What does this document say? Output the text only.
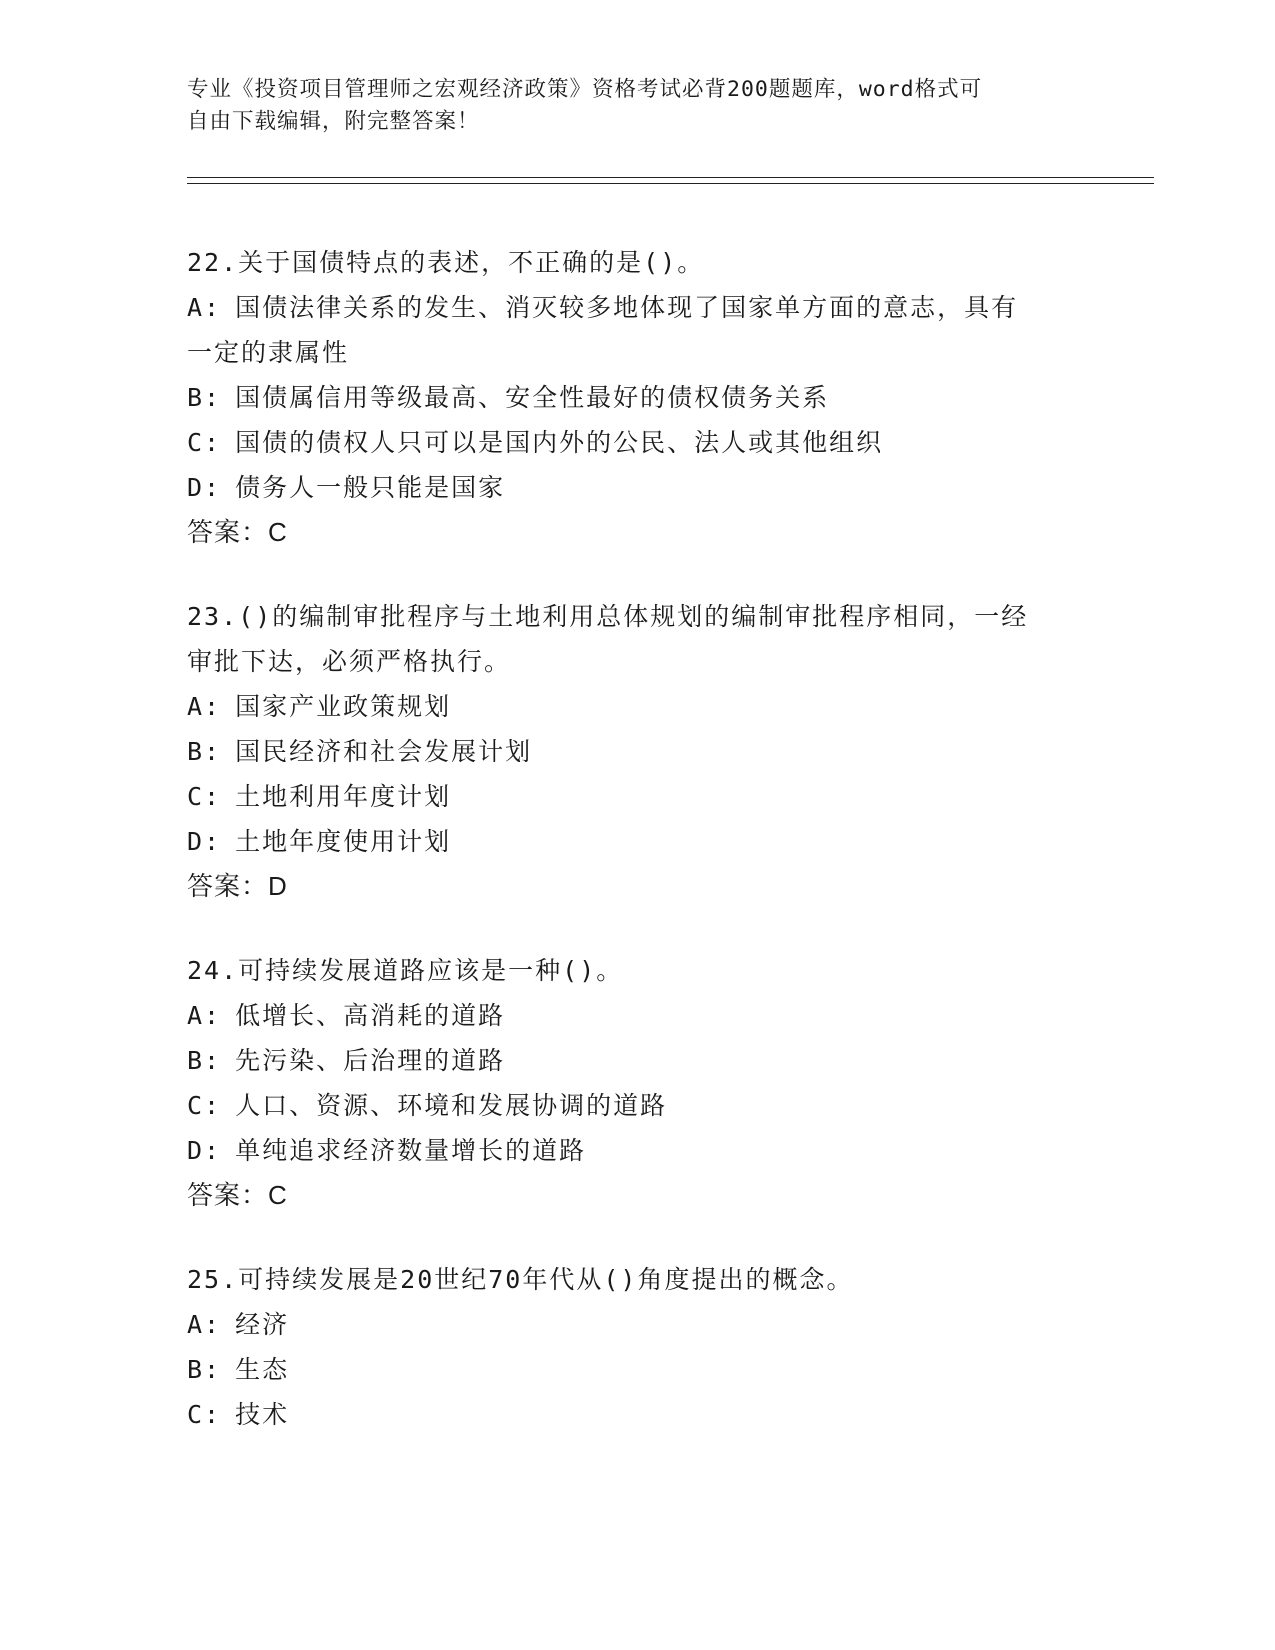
专业《投资项目管理师之宏观经济政策》资格考试必背200题题库，word格式可
自由下载编辑，附完整答案！
22.关于国债特点的表述，不正确的是()。
A: 国债法律关系的发生、消灭较多地体现了国家单方面的意志，具有
一定的隶属性
B: 国债属信用等级最高、安全性最好的债权债务关系
C: 国债的债权人只可以是国内外的公民、法人或其他组织
D: 债务人一般只能是国家
答案：C
23.()的编制审批程序与土地利用总体规划的编制审批程序相同，一经
审批下达，必须严格执行。
A: 国家产业政策规划
B: 国民经济和社会发展计划
C: 土地利用年度计划
D: 土地年度使用计划
答案：D
24.可持续发展道路应该是一种()。
A: 低增长、高消耗的道路
B: 先污染、后治理的道路
C: 人口、资源、环境和发展协调的道路
D: 单纯追求经济数量增长的道路
答案：C
25.可持续发展是20世纪70年代从()角度提出的概念。
A: 经济
B: 生态
C: 技术
